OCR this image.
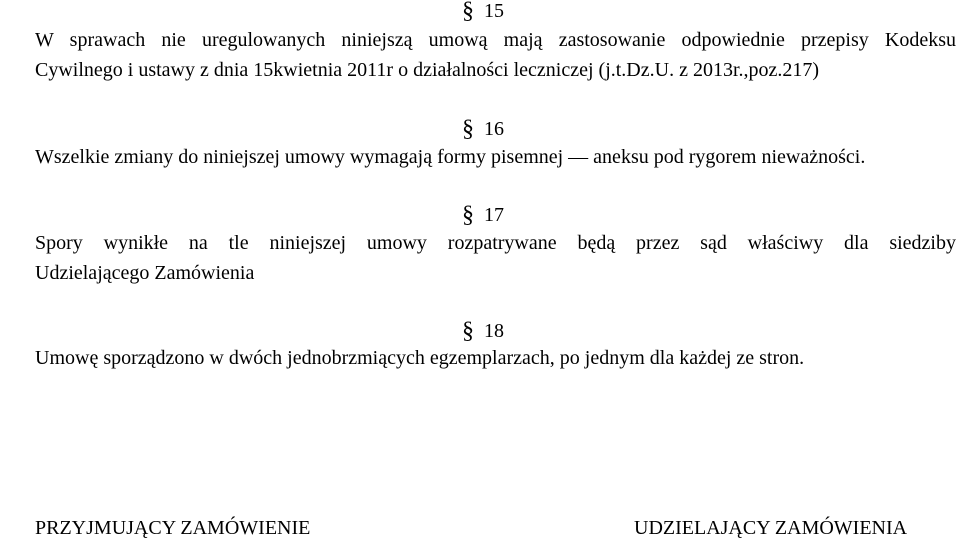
§ 15
W sprawach nie uregulowanych niniejszą umową mają zastosowanie odpowiednie przepisy Kodeksu
Cywilnego i ustawy z dnia 15kwietnia 2011r o działalności leczniczej (j.t.Dz.U. z 2013r.,poz.217)
§ 16
Wszelkie zmiany do niniejszej umowy wymagają formy pisemnej ― aneksu pod rygorem nieważności.
§ 17
Spory wynikłe na tle niniejszej umowy rozpatrywane będą przez sąd właściwy dla siedziby
Udzielającego Zamówienia
§ 18
Umowę sporządzono w dwóch jednobrzmiących egzemplarzach, po jednym dla każdej ze stron.
PRZYJMUJĄCY ZAMÓWIENIE	UDZIELAJĄCY ZAMÓWIENIA
